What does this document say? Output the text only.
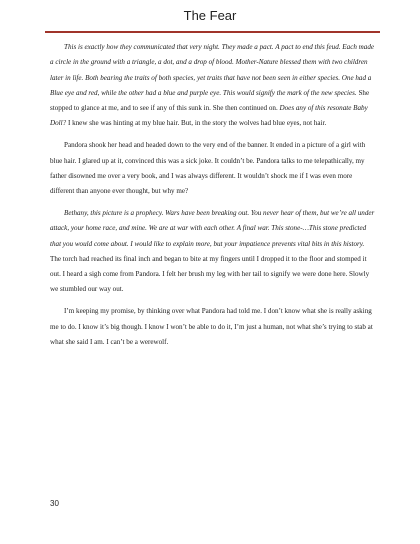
The Fear

This is exactly how they communicated that very night. They made a pact. A pact to end this feud. Each made a circle in the ground with a triangle, a dot, and a drop of blood. Mother-Nature blessed them with two children later in life. Both bearing the traits of both species, yet traits that have not been seen in either species. One had a Blue eye and red, while the other had a blue and purple eye. This would signify the mark of the new species. She stopped to glance at me, and to see if any of this sunk in. She then continued on. Does any of this resonate Baby Doll? I knew she was hinting at my blue hair. But, in the story the wolves had blue eyes, not hair.

Pandora shook her head and headed down to the very end of the banner. It ended in a picture of a girl with blue hair. I glared up at it, convinced this was a sick joke. It couldn’t be. Pandora talks to me telepathically, my father disowned me over a very book, and I was always different. It wouldn’t shock me if I was even more different than anyone ever thought, but why me?

Bethany, this picture is a prophecy. Wars have been breaking out. You never hear of them, but we’re all under attack, your home race, and mine. We are at war with each other. A final war. This stone-…This stone predicted that you would come about. I would like to explain more, but your impatience prevents vital bits in this history. The torch had reached its final inch and began to bite at my fingers until I dropped it to the floor and stomped it out. I heard a sigh come from Pandora. I felt her brush my leg with her tail to signify we were done here. Slowly we stumbled our way out.

I’m keeping my promise, by thinking over what Pandora had told me. I don’t know what she is really asking me to do. I know it’s big though. I know I won’t be able to do it, I’m just a human, not what she’s trying to stab at what she said I am. I can’t be a werewolf.

30
